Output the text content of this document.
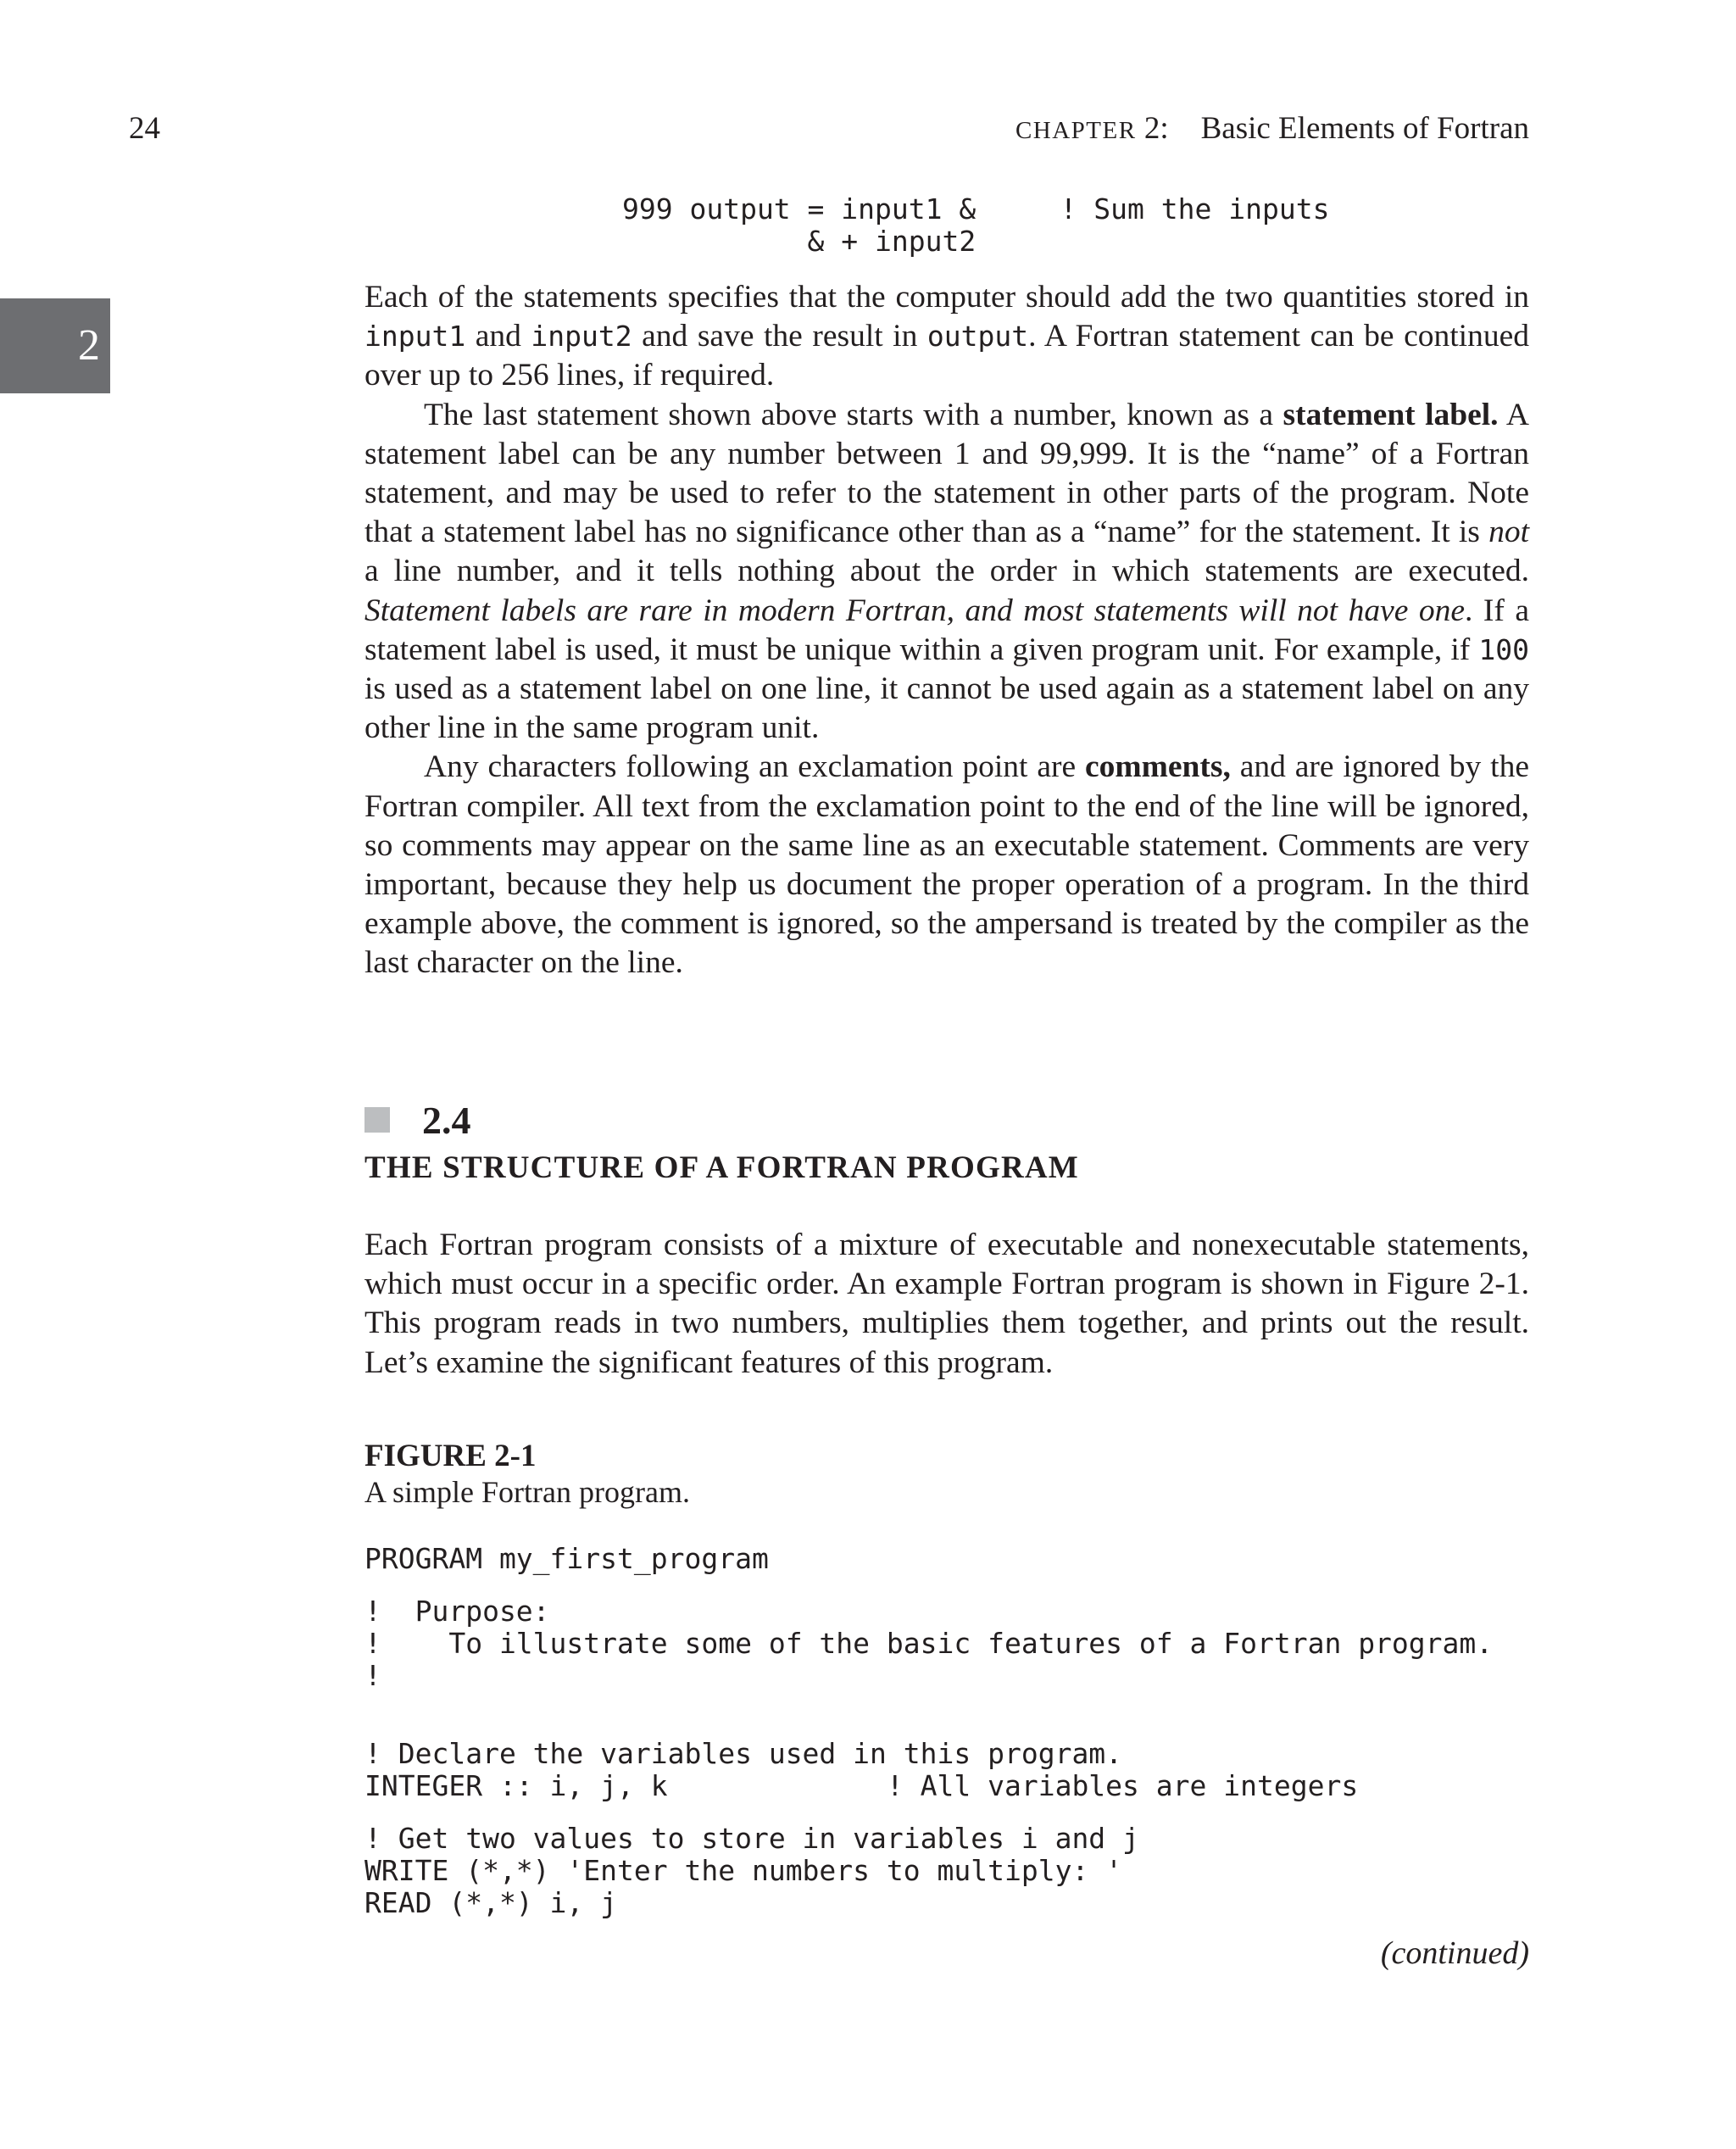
24	CHAPTER 2: Basic Elements of Fortran
2
999 output = input1 &     ! Sum the inputs
& + input2

Each of the statements specifies that the computer should add the two quantities stored in input1 and input2 and save the result in output. A Fortran statement can be continued over up to 256 lines, if required.

The last statement shown above starts with a number, known as a statement label. A statement label can be any number between 1 and 99,999. It is the “name” of a Fortran statement, and may be used to refer to the statement in other parts of the program. Note that a statement label has no significance other than as a “name” for the statement. It is not a line number, and it tells nothing about the order in which statements are executed. Statement labels are rare in modern Fortran, and most statements will not have one. If a statement label is used, it must be unique within a given program unit. For example, if 100 is used as a statement label on one line, it cannot be used again as a statement label on any other line in the same program unit.

Any characters following an exclamation point are comments, and are ignored by the Fortran compiler. All text from the exclamation point to the end of the line will be ignored, so comments may appear on the same line as an executable statement. Comments are very important, because they help us document the proper operation of a program. In the third example above, the comment is ignored, so the ampersand is treated by the compiler as the last character on the line.

2.4
THE STRUCTURE OF A FORTRAN PROGRAM

Each Fortran program consists of a mixture of executable and nonexecutable statements, which must occur in a specific order. An example Fortran program is shown in Figure 2-1. This program reads in two numbers, multiplies them together, and prints out the result. Let’s examine the significant features of this program.

FIGURE 2-1
A simple Fortran program.
PROGRAM my_first_program
!  Purpose:
!    To illustrate some of the basic features of a Fortran program.
!
! Declare the variables used in this program.
INTEGER :: i, j, k             ! All variables are integers
! Get two values to store in variables i and j
WRITE (*,*) 'Enter the numbers to multiply: '
READ (*,*) i, j
(continued)
